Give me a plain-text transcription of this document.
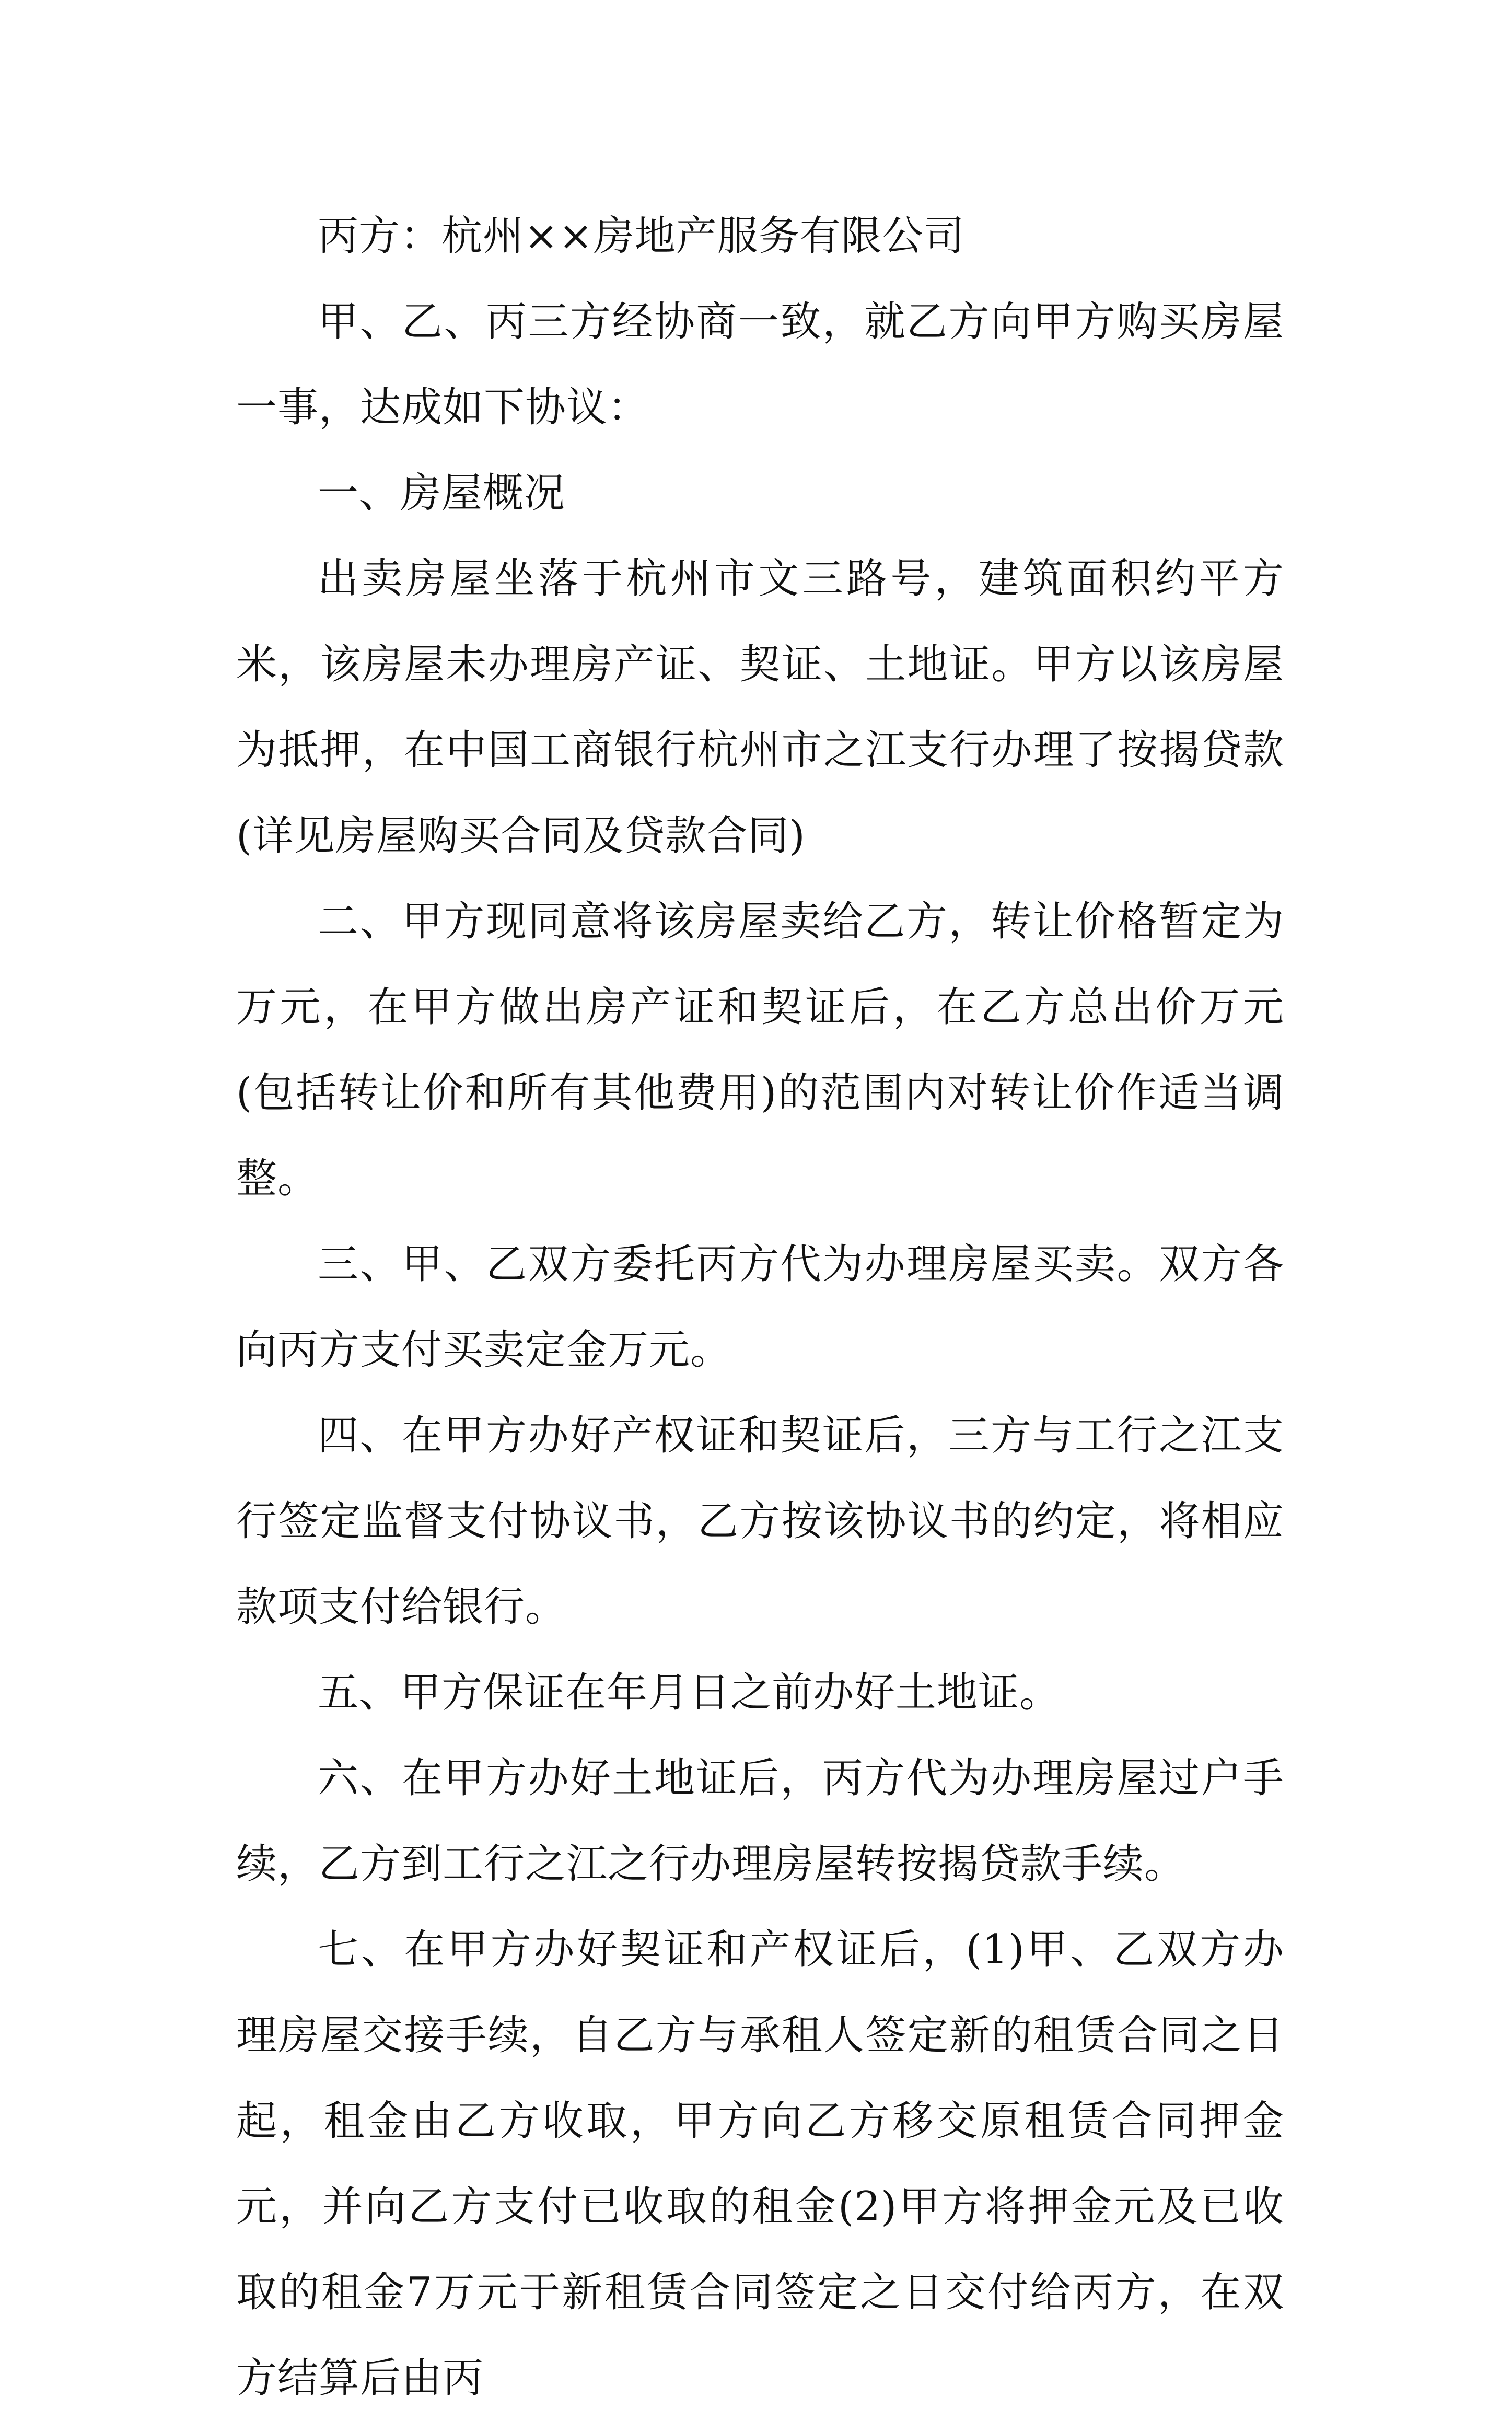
丙方：杭州××房地产服务有限公司

甲、乙、丙三方经协商一致，就乙方向甲方购买房屋一事，达成如下协议：

一、房屋概况

出卖房屋坐落于杭州市文三路号，建筑面积约平方米，该房屋未办理房产证、契证、土地证。甲方以该房屋为抵押，在中国工商银行杭州市之江支行办理了按揭贷款(详见房屋购买合同及贷款合同)

二、甲方现同意将该房屋卖给乙方，转让价格暂定为万元，在甲方做出房产证和契证后，在乙方总出价万元(包括转让价和所有其他费用)的范围内对转让价作适当调整。

三、甲、乙双方委托丙方代为办理房屋买卖。双方各向丙方支付买卖定金万元。

四、在甲方办好产权证和契证后，三方与工行之江支行签定监督支付协议书，乙方按该协议书的约定，将相应款项支付给银行。

五、甲方保证在年月日之前办好土地证。

六、在甲方办好土地证后，丙方代为办理房屋过户手续，乙方到工行之江之行办理房屋转按揭贷款手续。

七、在甲方办好契证和产权证后，(1)甲、乙双方办理房屋交接手续，自乙方与承租人签定新的租赁合同之日起，租金由乙方收取，甲方向乙方移交原租赁合同押金元，并向乙方支付已收取的租金(2)甲方将押金元及已收取的租金7万元于新租赁合同签定之日交付给丙方，在双方结算后由丙
